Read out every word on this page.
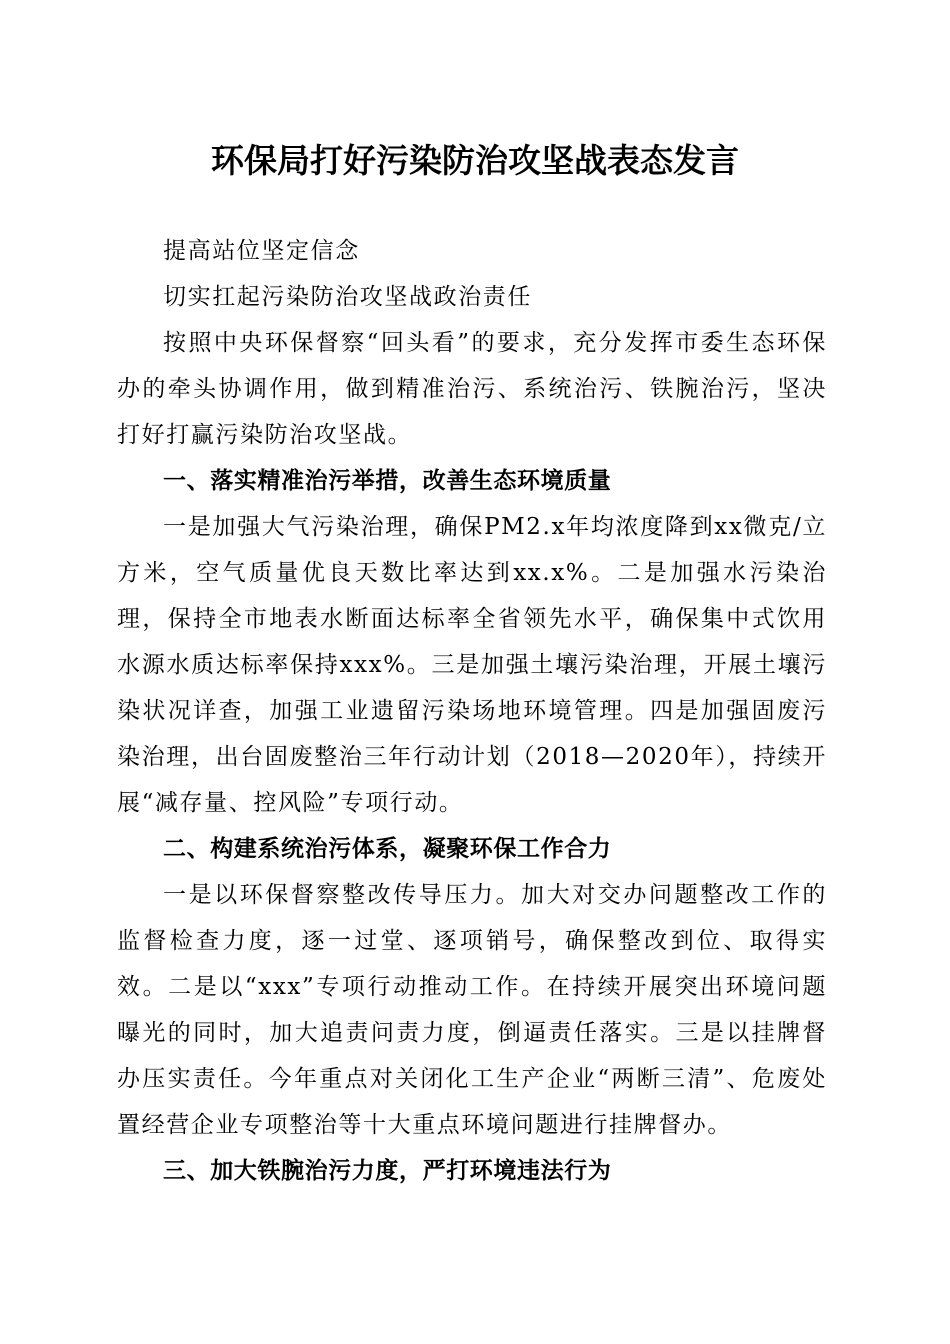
环保局打好污染防治攻坚战表态发言

提高站位坚定信念

切实扛起污染防治攻坚战政治责任

按照中央环保督察“回头看”的要求，充分发挥市委生态环保办的牵头协调作用，做到精准治污、系统治污、铁腕治污，坚决打好打赢污染防治攻坚战。

一、落实精准治污举措，改善生态环境质量

一是加强大气污染治理，确保PM2.x年均浓度降到xx微克/立方米，空气质量优良天数比率达到xx.x%。二是加强水污染治理，保持全市地表水断面达标率全省领先水平，确保集中式饮用水源水质达标率保持xxx%。三是加强土壤污染治理，开展土壤污染状况详查，加强工业遗留污染场地环境管理。四是加强固废污染治理，出台固废整治三年行动计划（2018—2020年），持续开展“减存量、控风险”专项行动。

二、构建系统治污体系，凝聚环保工作合力

一是以环保督察整改传导压力。加大对交办问题整改工作的监督检查力度，逐一过堂、逐项销号，确保整改到位、取得实效。二是以“xxx”专项行动推动工作。在持续开展突出环境问题曝光的同时，加大追责问责力度，倒逼责任落实。三是以挂牌督办压实责任。今年重点对关闭化工生产企业“两断三清”、危废处置经营企业专项整治等十大重点环境问题进行挂牌督办。

三、加大铁腕治污力度，严打环境违法行为
